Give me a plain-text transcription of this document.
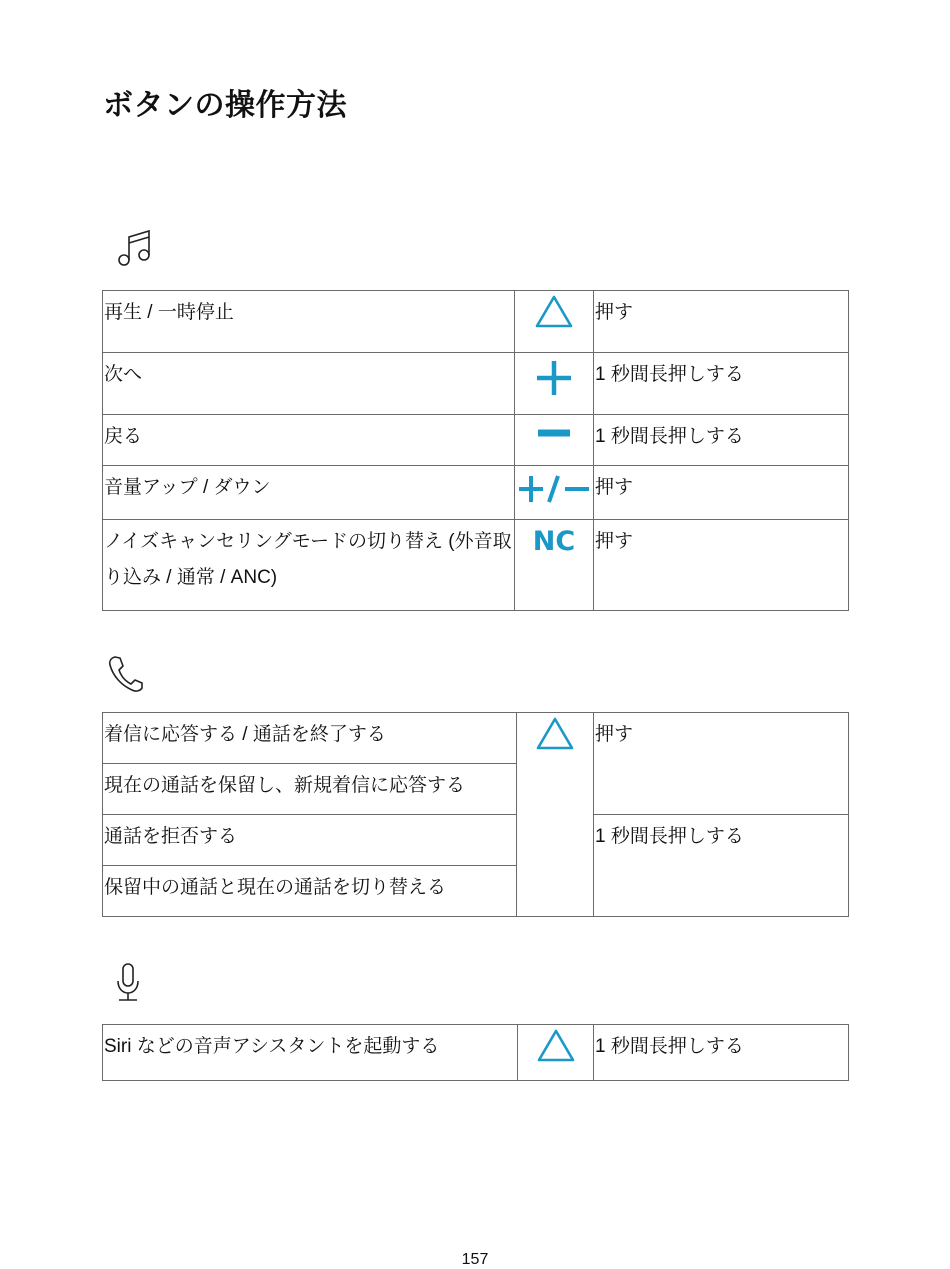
ボタンの操作方法
再生 / 一時停止		押す
次へ		1 秒間長押しする
戻る		1 秒間長押しする
音量アップ / ダウン		押す
ノイズキャンセリングモードの切り替え (外音取り込み / 通常 / ANC)	NC	押す
着信に応答する / 通話を終了する		押す
現在の通話を保留し、新規着信に応答する		
通話を拒否する		1 秒間長押しする
保留中の通話と現在の通話を切り替える		
Siri などの音声アシスタントを起動する		1 秒間長押しする
157
